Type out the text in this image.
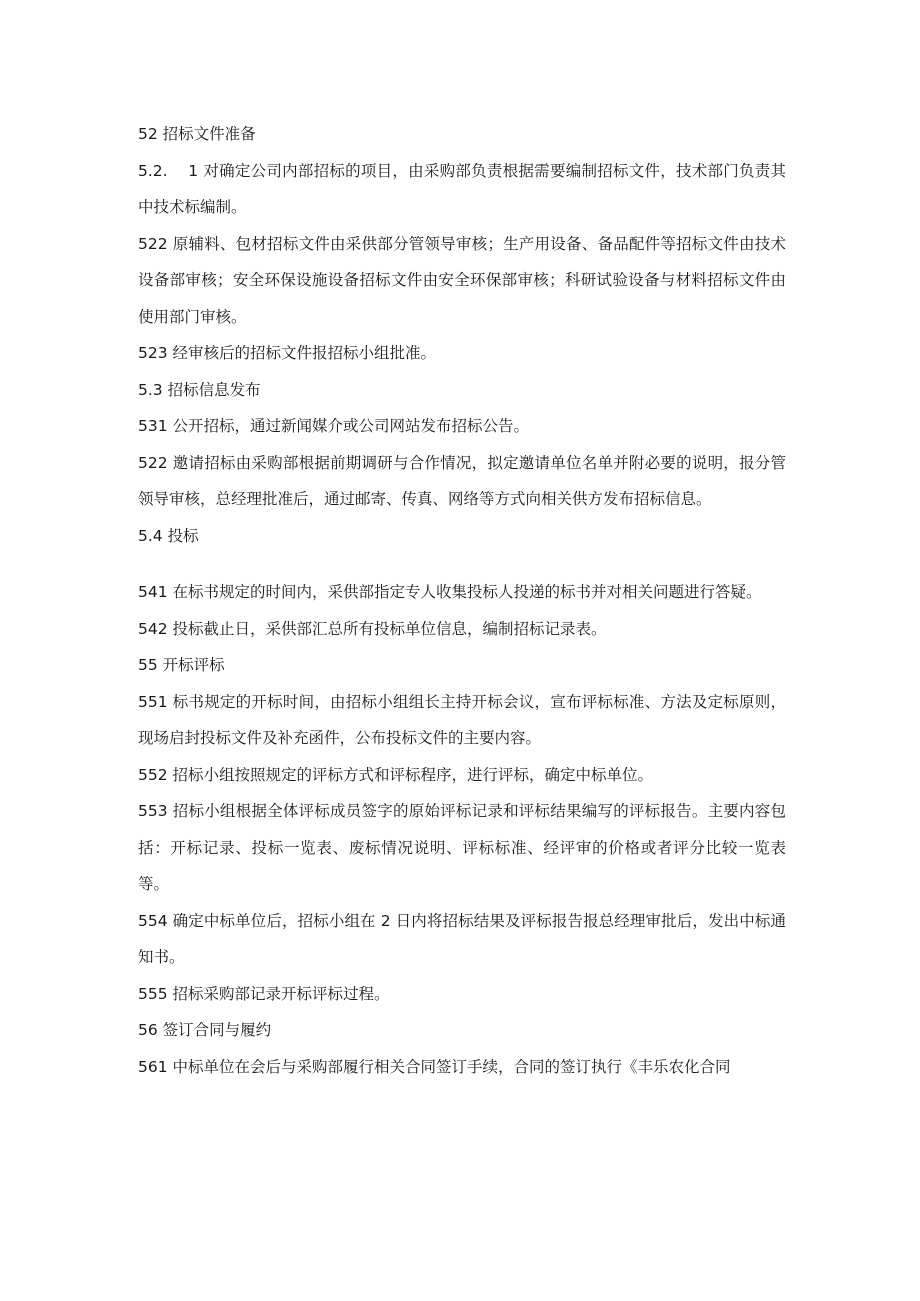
52 招标文件准备

5.2.    1 对确定公司内部招标的项目，由采购部负责根据需要编制招标文件，技术部门负责其中技术标编制。

522 原辅料、包材招标文件由采供部分管领导审核；生产用设备、备品配件等招标文件由技术设备部审核；安全环保设施设备招标文件由安全环保部审核；科研试验设备与材料招标文件由使用部门审核。

523 经审核后的招标文件报招标小组批准。

5.3 招标信息发布

531 公开招标，通过新闻媒介或公司网站发布招标公告。

522 邀请招标由采购部根据前期调研与合作情况，拟定邀请单位名单并附必要的说明，报分管领导审核，总经理批准后，通过邮寄、传真、网络等方式向相关供方发布招标信息。

5.4 投标

541 在标书规定的时间内，采供部指定专人收集投标人投递的标书并对相关问题进行答疑。

542 投标截止日，采供部汇总所有投标单位信息，编制招标记录表。

55 开标评标

551 标书规定的开标时间，由招标小组组长主持开标会议，宣布评标标准、方法及定标原则，现场启封投标文件及补充函件，公布投标文件的主要内容。

552 招标小组按照规定的评标方式和评标程序，进行评标，确定中标单位。

553 招标小组根据全体评标成员签字的原始评标记录和评标结果编写的评标报告。主要内容包括：开标记录、投标一览表、废标情况说明、评标标准、经评审的价格或者评分比较一览表等。

554 确定中标单位后，招标小组在 2 日内将招标结果及评标报告报总经理审批后，发出中标通知书。

555 招标采购部记录开标评标过程。

56 签订合同与履约

561 中标单位在会后与采购部履行相关合同签订手续，合同的签订执行《丰乐农化合同
